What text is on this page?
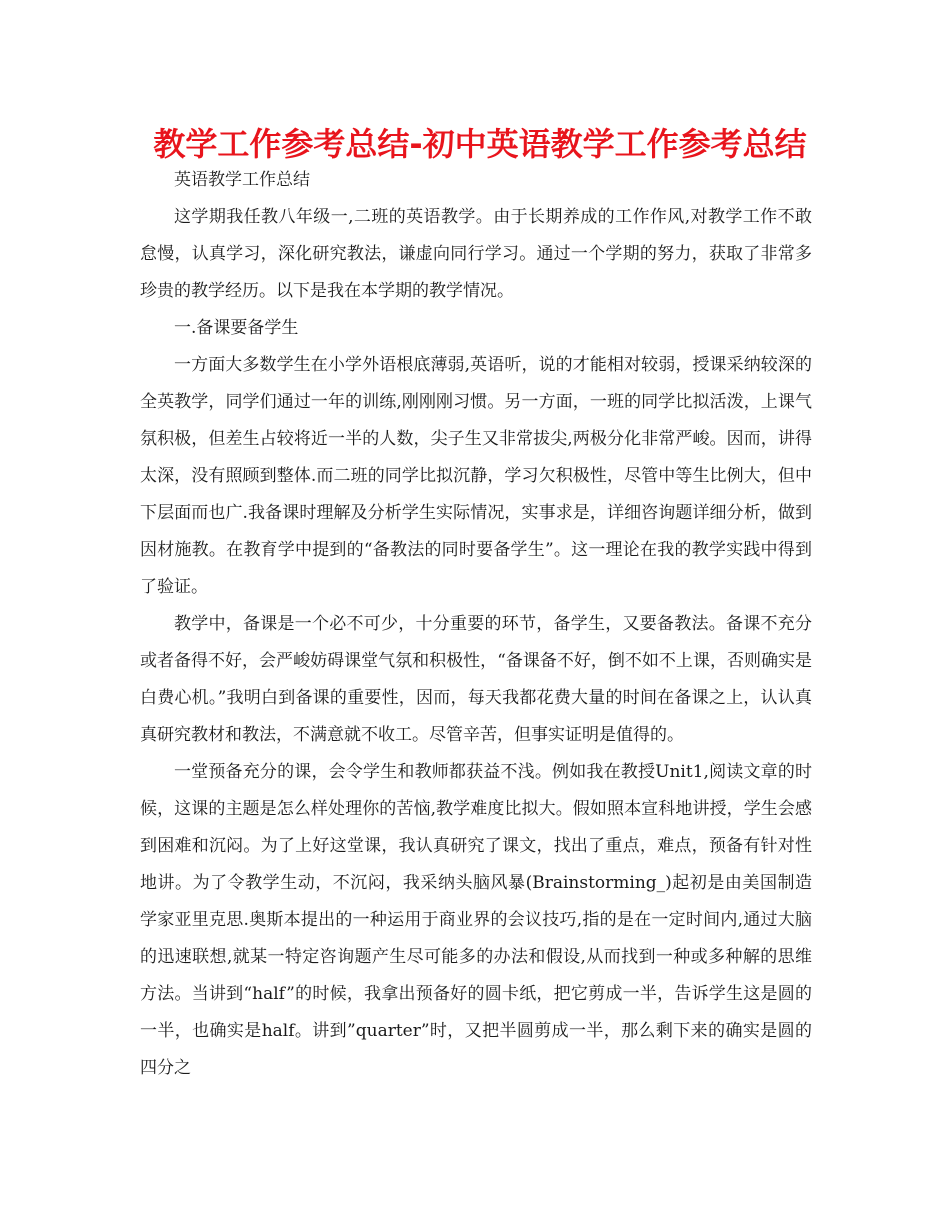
教学工作参考总结-初中英语教学工作参考总结

英语教学工作总结

这学期我任教八年级一,二班的英语教学。由于长期养成的工作作风,对教学工作不敢怠慢，认真学习，深化研究教法，谦虚向同行学习。通过一个学期的努力，获取了非常多珍贵的教学经历。以下是我在本学期的教学情况。

一.备课要备学生

一方面大多数学生在小学外语根底薄弱,英语听，说的才能相对较弱，授课采纳较深的全英教学，同学们通过一年的训练,刚刚刚习惯。另一方面，一班的同学比拟活泼，上课气氛积极，但差生占较将近一半的人数，尖子生又非常拔尖,两极分化非常严峻。因而，讲得太深，没有照顾到整体.而二班的同学比拟沉静，学习欠积极性，尽管中等生比例大，但中下层面而也广.我备课时理解及分析学生实际情况，实事求是，详细咨询题详细分析，做到因材施教。在教育学中提到的“备教法的同时要备学生”。这一理论在我的教学实践中得到了验证。

教学中，备课是一个必不可少，十分重要的环节，备学生，又要备教法。备课不充分或者备得不好，会严峻妨碍课堂气氛和积极性，“备课备不好，倒不如不上课，否则确实是白费心机。”我明白到备课的重要性，因而，每天我都花费大量的时间在备课之上，认认真真研究教材和教法，不满意就不收工。尽管辛苦，但事实证明是值得的。

一堂预备充分的课，会令学生和教师都获益不浅。例如我在教授Unit1,阅读文章的时候，这课的主题是怎么样处理你的苦恼,教学难度比拟大。假如照本宣科地讲授，学生会感到困难和沉闷。为了上好这堂课，我认真研究了课文，找出了重点，难点，预备有针对性地讲。为了令教学生动，不沉闷，我采纳头脑风暴(Brainstorming_)起初是由美国制造学家亚里克思.奥斯本提出的一种运用于商业界的会议技巧,指的是在一定时间内,通过大脑的迅速联想,就某一特定咨询题产生尽可能多的办法和假设,从而找到一种或多种解的思维方法。当讲到“half”的时候，我拿出预备好的圆卡纸，把它剪成一半，告诉学生这是圆的一半，也确实是half。讲到”quarter”时，又把半圆剪成一半，那么剩下来的确实是圆的四分之
